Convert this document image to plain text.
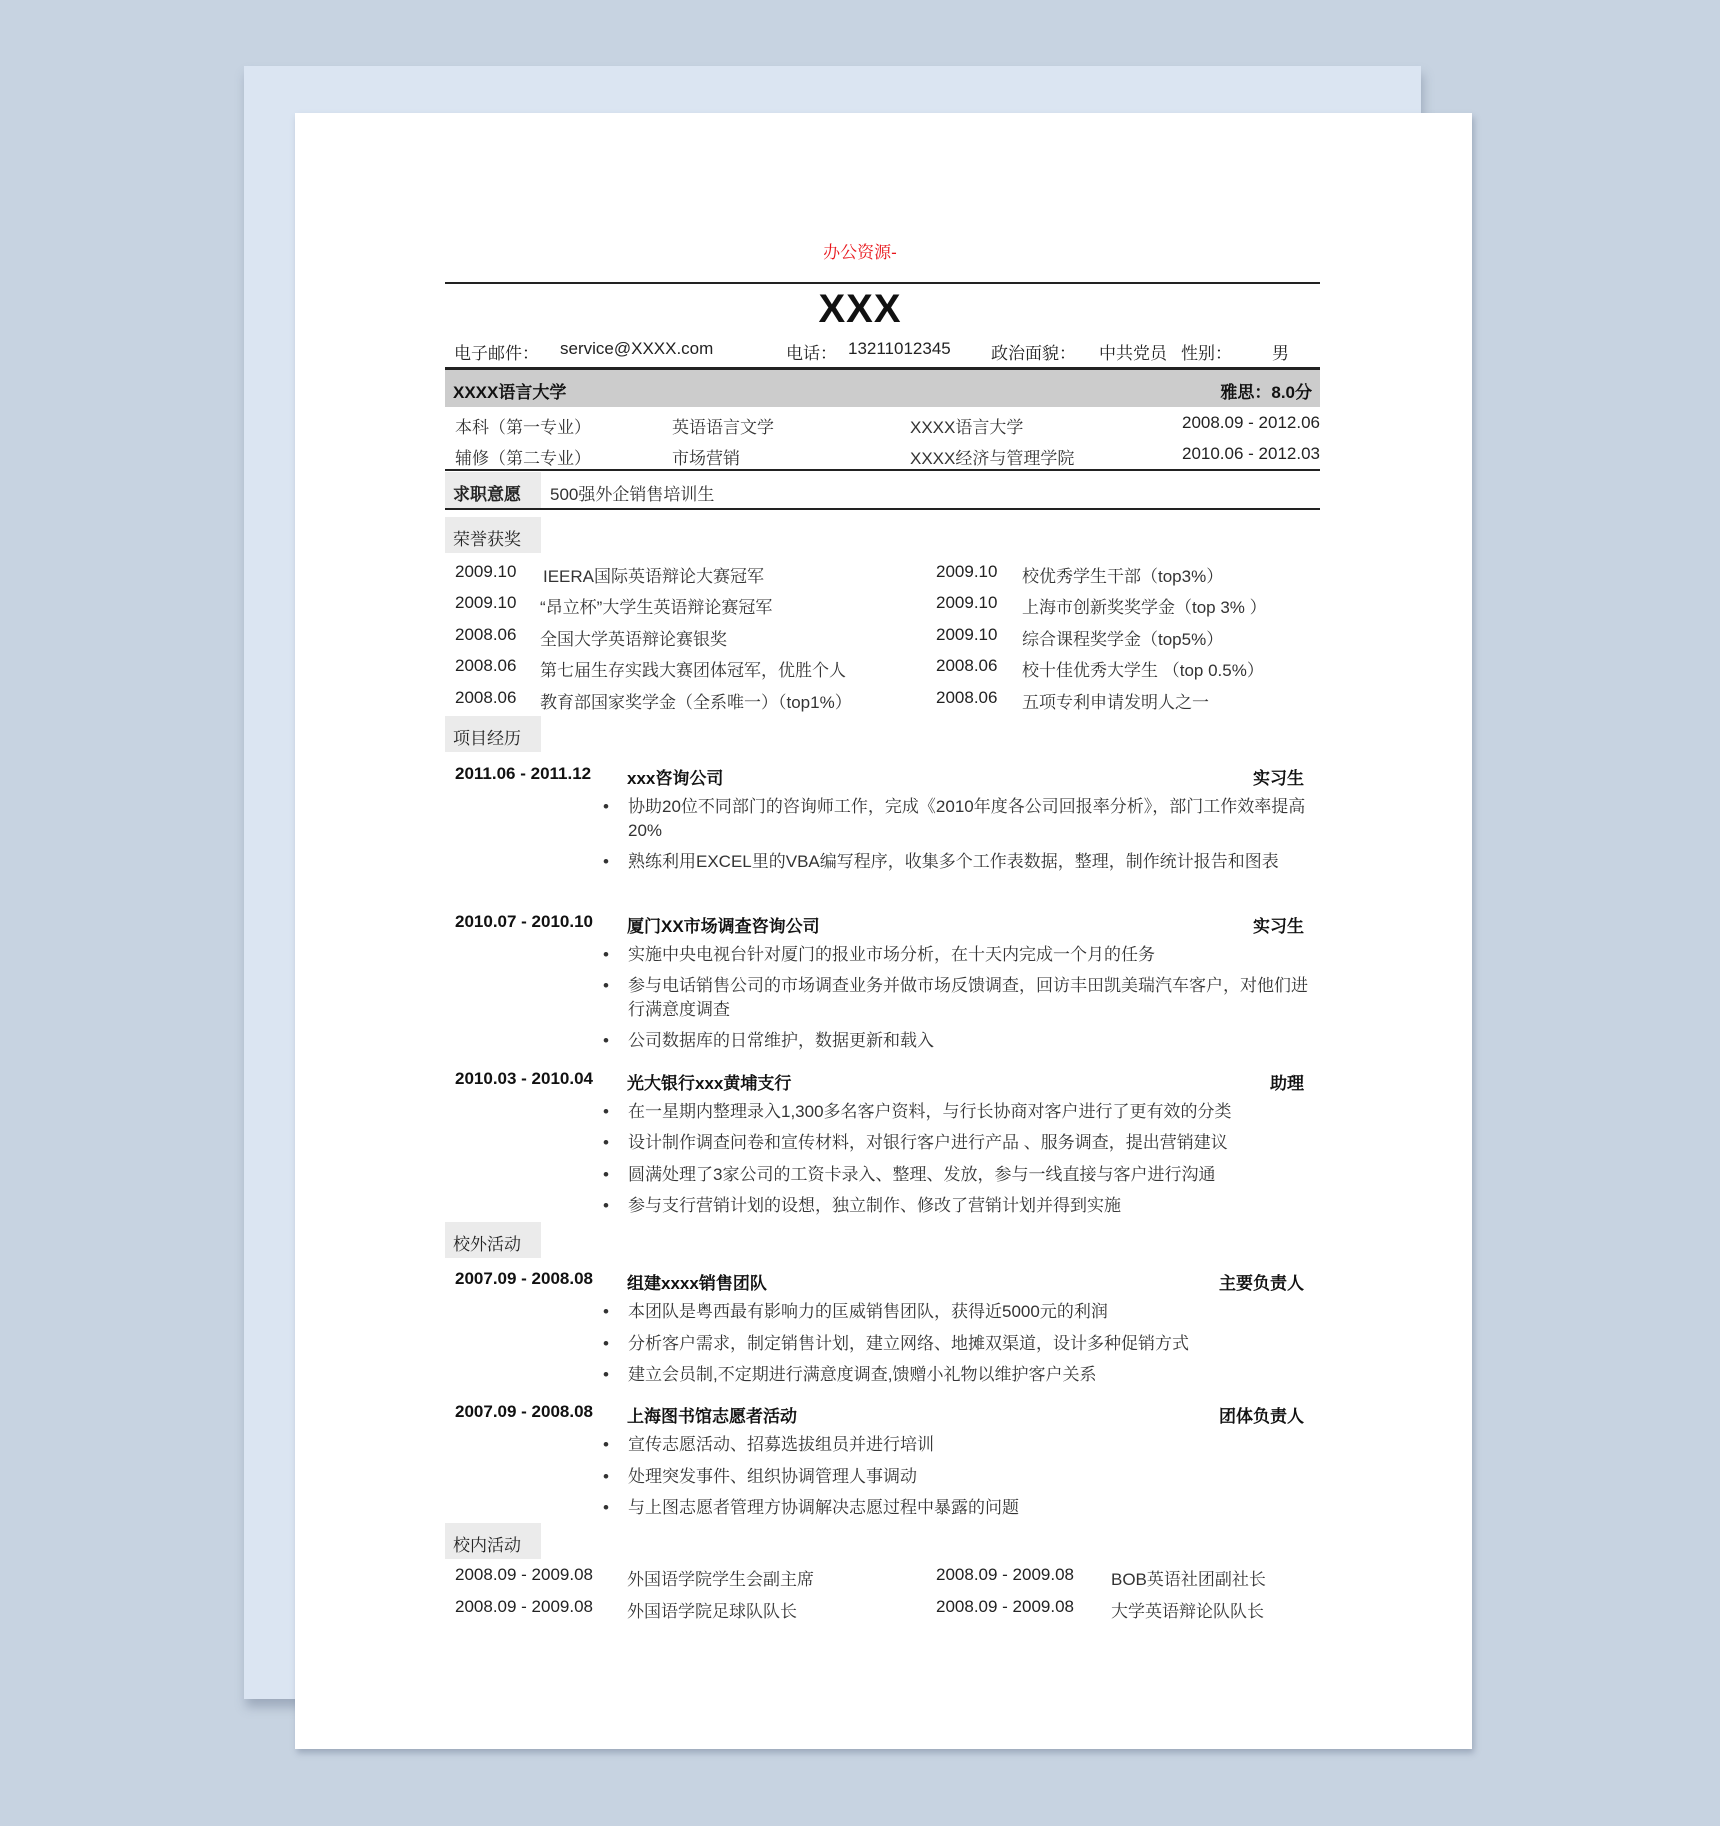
办公资源-
XXX
电子邮件： service@XXXX.com	电话： 13211012345 政治面貌： 中共党员 性别： 男
XXXX语言大学	雅思：8.0分
本科（第一专业）	英语语言文学	XXXX语言大学	2008.09 - 2012.06
辅修（第二专业）	市场营销	XXXX经济与管理学院	2010.06 - 2012.03
求职意愿	500强外企销售培训生
荣誉获奖
2009.10 IEERA国际英语辩论大赛冠军
2009.10 “昂立杯”大学生英语辩论赛冠军
2008.06 全国大学英语辩论赛银奖
2008.06 第七届生存实践大赛团体冠军，优胜个人
2008.06 教育部国家奖学金（全系唯一）（top1%）
2009.10 校优秀学生干部（top3%）
2009.10 上海市创新奖奖学金（top 3% ）
2009.10 综合课程奖学金（top5%）
2008.06 校十佳优秀大学生 （top 0.5%）
2008.06 五项专利申请发明人之一
项目经历
2011.06 - 2011.12 xxx咨询公司	实习生
• 协助20位不同部门的咨询师工作，完成《2010年度各公司回报率分析》，部门工作效率提高20%
• 熟练利用EXCEL里的VBA编写程序，收集多个工作表数据，整理，制作统计报告和图表
2010.07 - 2010.10 厦门XX市场调查咨询公司	实习生
• 实施中央电视台针对厦门的报业市场分析，在十天内完成一个月的任务
• 参与电话销售公司的市场调查业务并做市场反馈调查，回访丰田凯美瑞汽车客户，对他们进行满意度调查
• 公司数据库的日常维护，数据更新和载入
2010.03 - 2010.04 光大银行xxx黄埔支行	助理
• 在一星期内整理录入1,300多名客户资料，与行长协商对客户进行了更有效的分类
• 设计制作调查问卷和宣传材料，对银行客户进行产品 、服务调查，提出营销建议
• 圆满处理了3家公司的工资卡录入、整理、发放，参与一线直接与客户进行沟通
• 参与支行营销计划的设想，独立制作、修改了营销计划并得到实施
校外活动
2007.09 - 2008.08 组建xxxx销售团队	主要负责人
• 本团队是粤西最有影响力的匡威销售团队，获得近5000元的利润
• 分析客户需求，制定销售计划，建立网络、地摊双渠道，设计多种促销方式
• 建立会员制,不定期进行满意度调查,馈赠小礼物以维护客户关系
2007.09 - 2008.08 上海图书馆志愿者活动	团体负责人
• 宣传志愿活动、招募选拔组员并进行培训
• 处理突发事件、组织协调管理人事调动
• 与上图志愿者管理方协调解决志愿过程中暴露的问题
校内活动
2008.09 - 2009.08 外国语学院学生会副主席
2008.09 - 2009.08 外国语学院足球队队长
2008.09 - 2009.08 BOB英语社团副社长
2008.09 - 2009.08 大学英语辩论队队长
